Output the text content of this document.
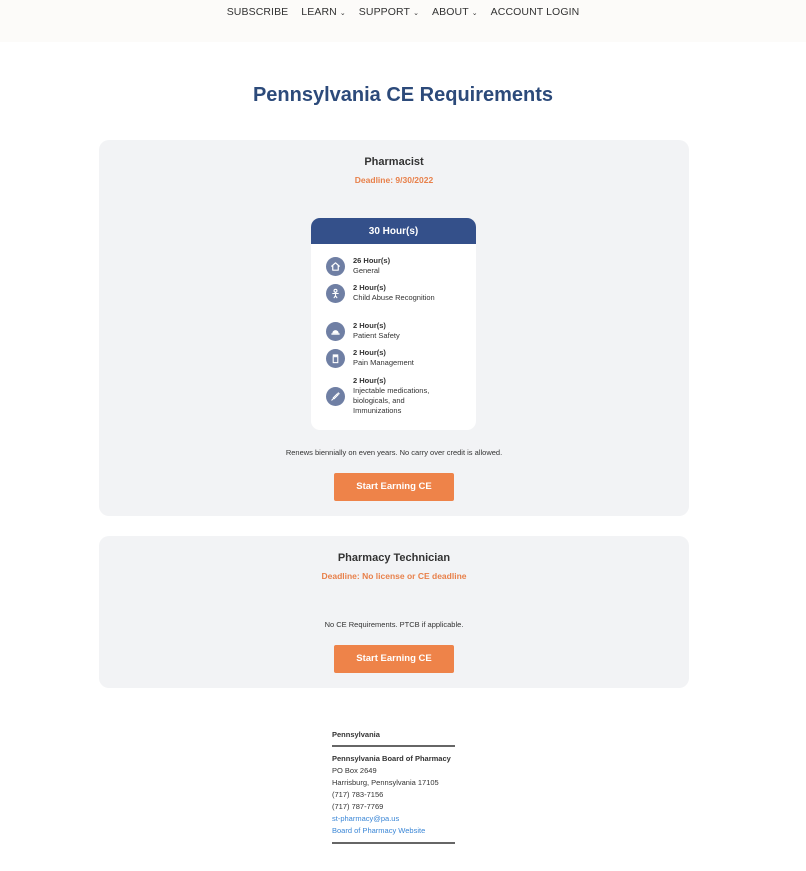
SUBSCRIBE LEARN ⌄ SUPPORT ⌄ ABOUT ⌄ ACCOUNT LOGIN
Pennsylvania CE Requirements
Pharmacist
Deadline: 9/30/2022
30 Hour(s)
26 Hour(s)
General
2 Hour(s)
Child Abuse Recognition
2 Hour(s)
Patient Safety
2 Hour(s)
Pain Management
2 Hour(s)
Injectable medications, biologicals, and Immunizations
Renews biennially on even years. No carry over credit is allowed.
Start Earning CE
Pharmacy Technician
Deadline: No license or CE deadline
No CE Requirements. PTCB if applicable.
Start Earning CE
Pennsylvania
Pennsylvania Board of Pharmacy
PO Box 2649
Harrisburg, Pennsylvania 17105
(717) 783-7156
(717) 787-7769
st-pharmacy@pa.us
Board of Pharmacy Website
